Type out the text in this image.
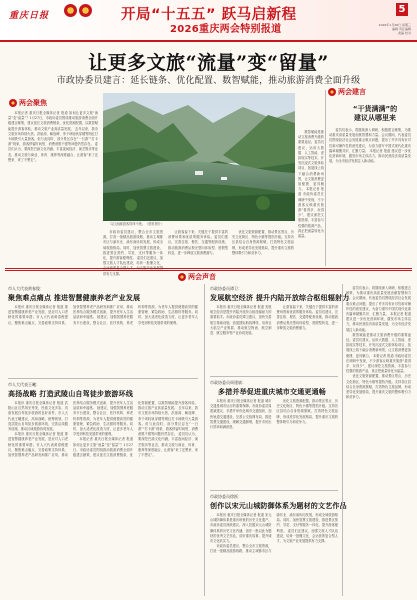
重庆日报	开局“十五五” 跃马启新程
2026重庆两会特别报道
5
2026年1月28日 星期三
编辑 责任编辑
美编 校对
让更多文旅“流量”变“留量”
市政协委员建言：延长链条、优化配置、数智赋能，推动旅游消费全面升级
两会聚焦

本报记者 重庆日报全媒体记者 报道 如何让更多文旅“流量”变“留量”？1月27日，市政协委员围绕推动旅游消费全面升级建言献策，建议延长文旅消费链条，优化资源配置，以数智赋能提升游客体验，推动文旅产业高质量发展。 去年以来，我市文旅市场持续火热，洪崖洞、解放碑、李子坝轻轨穿楼等网红打卡地吸引大量游客。但与此同时，部分景区存在“一日游”“打卡游”现象，游客停留时间短、消费意愿不强等问题仍然存在。 委员们认为，要深挖巴渝文化内涵，丰富夜间经济、演艺娱乐等业态，推动文旅与商业、体育、康养等深度融合，让游客“来了还想来、来了不想走”。

乌江画廊游客络绎不绝。（资料图片）

市政协委员建议，整合全市文旅资源，打造一批精品旅游线路，推动主城都市区与渝东北、渝东南协同发展，形成全域旅游格局。同时，加快智慧文旅建设，推进景区预约、导览、支付等服务一体化，提升游客便利度。 委员们还建议，加强文旅人才队伍建设，培育一批懂文化、会运营的复合型人才，为文旅产业发展提供有力支撑。

让游客留下来，关键在于提供丰富的消费场景和优质的服务体验。委员们建议，完善住宿、餐饮、交通等配套设施，推动旅游消费从观光型向体验型、度假型转变，进一步释放文旅消费潜力。

优化文旅资源配置，推动景区景点、历史文化街区、特色小镇等提档升级。支持各区县结合自身资源禀赋，打造特色文旅品牌，形成差异化发展格局，提升重庆文旅的整体吸引力和竞争力。

数智赋能是推动文旅消费升级的重要途径。委员们建议，运用大数据、人工智能、虚拟现实等技术，开发沉浸式文旅体验项目，拓展线上线下融合消费新场景，让文旅消费更加便捷、更具魅力。 本报记者 报道 市政协委员在调研中发现，不少游客反映重庆旅游“看得多、玩得少”，建议深挖文旅资源，丰富参与性强的旅游产品，真正把流量转化为留量。

两会建言
“干货满满”的
建议从哪里来

委员们表示，将继续深入调研，积极建言献策，为推动重庆高质量发展贡献智慧和力量。会议期间，代表委员们围绕经济社会发展重点难点问题，提出了许多具有针对性和可操作性的意见建议，为奋力谱写中国式现代化重庆篇章凝聚共识、汇聚力量。 本报记者 报道 建议进一步优化营商环境，激发市场主体活力，推动民营经济高质量发展，为全市经济发展注入新动能。

两会声音
市人大代表黄春俊：
聚焦难点痛点 推进智慧健康养老产业发展

本报讯 重庆日报全媒体记者 报道 推进智慧健康养老产业发展，是应对人口老龄化的重要举措。市人大代表黄春俊建议，聚焦难点痛点，完善政策支持体系，加快智慧养老产品研发和推广应用，推动医养结合服务模式创新，提升老年人生活品质和幸福感。 她建议，加强智慧养老服务平台建设，整合社区、医疗机构、养老机构等资源，为老年人提供便捷高效的健康管理、紧急救助、生活照料等服务。同时，加大适老化改造力度，让更多老年人享受到科技发展带来的便利。

市人大代表王曦：
高扬战略 打造武陵山自驾徒步旅游环线

本报讯 重庆日报全媒体记者 报道 武陵山区自然风光秀美，民族文化多彩，具备发展自驾徒步旅游的良好条件。市人大代表王曦建议，高扬战略，统筹规划，打造武陵山自驾徒步旅游环线，完善沿线服务设施，推动区域旅游协同发展。

本报讯 重庆日报全媒体记者 报道 推进智慧健康养老产业发展，是应对人口老龄化的重要举措。市人大代表黄春俊建议，聚焦难点痛点，完善政策支持体系，加快智慧养老产品研发和推广应用，推动医养结合服务模式创新，提升老年人生活品质和幸福感。 她建议，加强智慧养老服务平台建设，整合社区、医疗机构、养老机构等资源，为老年人提供便捷高效的健康管理、紧急救助、生活照料等服务。同时，加大适老化改造力度，让更多老年人享受到科技发展带来的便利。

本报记者 重庆日报全媒体记者 报道 如何让更多文旅“流量”变“留量”？1月27日，市政协委员围绕推动旅游消费全面升级建言献策，建议延长文旅消费链条，优化资源配置，以数智赋能提升游客体验，推动文旅产业高质量发展。 去年以来，我市文旅市场持续火热，洪崖洞、解放碑、李子坝轻轨穿楼等网红打卡地吸引大量游客。但与此同时，部分景区存在“一日游”“打卡游”现象，游客停留时间短、消费意愿不强等问题仍然存在。 委员们认为，要深挖巴渝文化内涵，丰富夜间经济、演艺娱乐等业态，推动文旅与商业、体育、康养等深度融合，让游客“来了还想来、来了不想走”。

市政协委员谭卫：
发展航空经济 提升内陆开放综合枢纽辐射力

本报讯 重庆日报全媒体记者 报道 发展航空经济是提升内陆开放综合枢纽辐射力的重要抓手。市政协委员谭卫建议，加快完善航空基础设施，拓展国际航线网络，培育壮大临空产业集群，推动航空物流、航空制造、航空服务等产业协同发展。

让游客留下来，关键在于提供丰富的消费场景和优质的服务体验。委员们建议，完善住宿、餐饮、交通等配套设施，推动旅游消费从观光型向体验型、度假型转变，进一步释放文旅消费潜力。

市政协委员周建斌：
多措并举促进重庆城市交通更通畅

本报讯 重庆日报全媒体记者 报道 城市交通是城市运行的重要保障。市政协委员周建斌建议，多措并举优化城市交通组织，加快轨道交通建设，完善公交线网布局，推进智慧交通建设，缓解交通拥堵，提升市民出行效率和满意度。

优化文旅资源配置，推动景区景点、历史文化街区、特色小镇等提档升级。支持各区县结合自身资源禀赋，打造特色文旅品牌，形成差异化发展格局，提升重庆文旅的整体吸引力和竞争力。

市政协委员徐跃：
创作以宋元山城防御体系为题材的文艺作品

本报讯 重庆日报全媒体记者 报道 宋元山城防御体系是重庆珍贵的历史文化遗产。市政协委员徐跃建议，深入挖掘宋元山城防御体系的历史文化内涵，创作一批以此为题材的优秀文艺作品，讲好重庆故事，提升城市文化软实力。

市政协委员建议，整合全市文旅资源，打造一批精品旅游线路，推动主城都市区与渝东北、渝东南协同发展，形成全域旅游格局。同时，加快智慧文旅建设，推进景区预约、导览、支付等服务一体化，提升游客便利度。 委员们还建议，加强文旅人才队伍建设，培育一批懂文化、会运营的复合型人才，为文旅产业发展提供有力支撑。

委员们表示，将继续深入调研，积极建言献策，为推动重庆高质量发展贡献智慧和力量。会议期间，代表委员们围绕经济社会发展重点难点问题，提出了许多具有针对性和可操作性的意见建议，为奋力谱写中国式现代化重庆篇章凝聚共识、汇聚力量。 本报记者 报道 建议进一步优化营商环境，激发市场主体活力，推动民营经济高质量发展，为全市经济发展注入新动能。

数智赋能是推动文旅消费升级的重要途径。委员们建议，运用大数据、人工智能、虚拟现实等技术，开发沉浸式文旅体验项目，拓展线上线下融合消费新场景，让文旅消费更加便捷、更具魅力。 本报记者 报道 市政协委员在调研中发现，不少游客反映重庆旅游“看得多、玩得少”，建议深挖文旅资源，丰富参与性强的旅游产品，真正把流量转化为留量。

优化文旅资源配置，推动景区景点、历史文化街区、特色小镇等提档升级。支持各区县结合自身资源禀赋，打造特色文旅品牌，形成差异化发展格局，提升重庆文旅的整体吸引力和竞争力。
